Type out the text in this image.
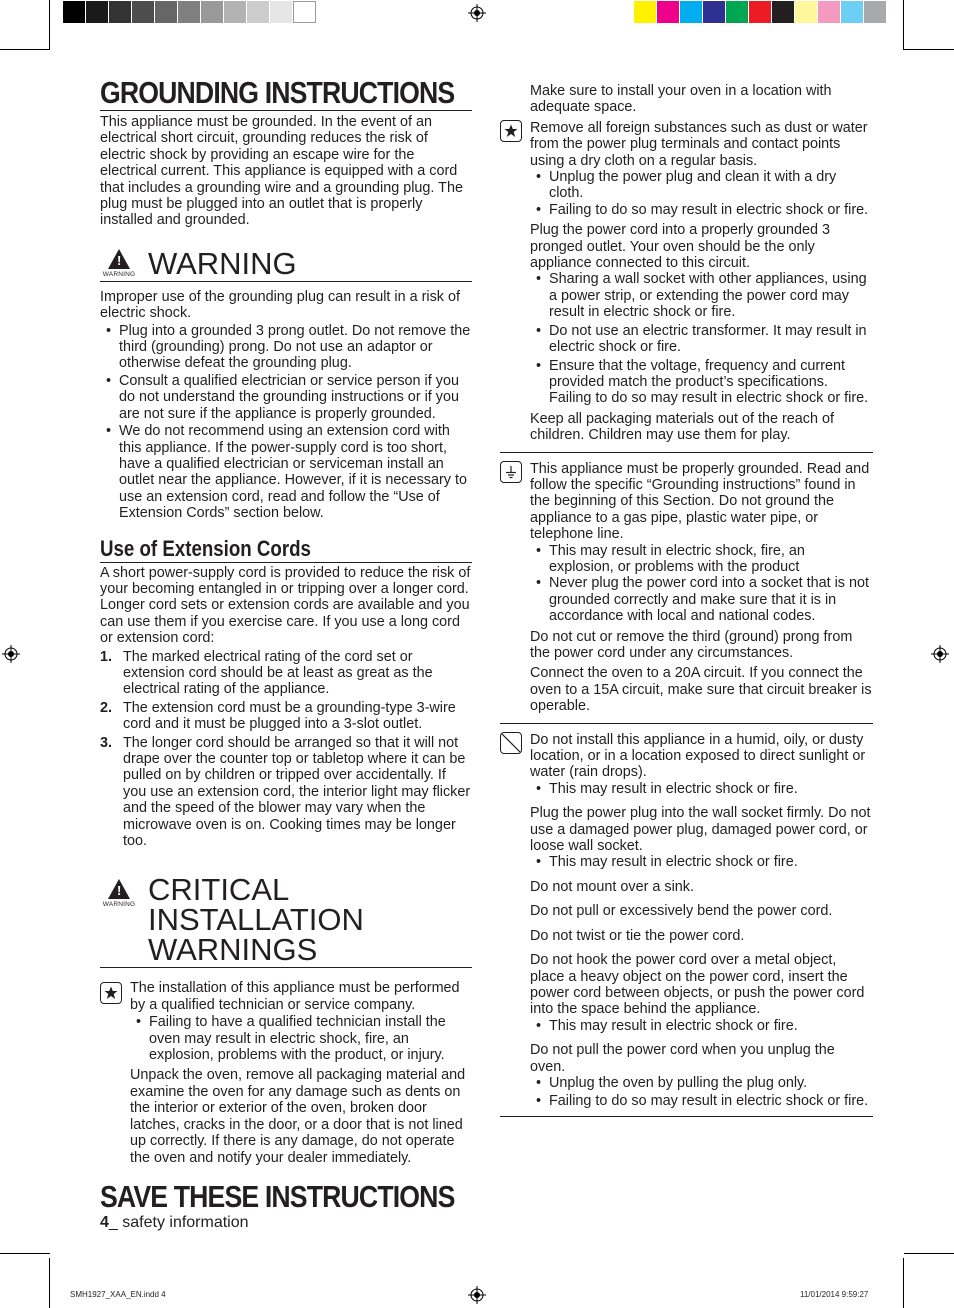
GROUNDING INSTRUCTIONS

This appliance must be grounded. In the event of an electrical short circuit, grounding reduces the risk of electric shock by providing an escape wire for the electrical current. This appliance is equipped with a cord that includes a grounding wire and a grounding plug. The plug must be plugged into an outlet that is properly installed and grounded.

!
WARNING WARNING

Improper use of the grounding plug can result in a risk of electric shock.

• Plug into a grounded 3 prong outlet. Do not remove the third (grounding) prong. Do not use an adaptor or otherwise defeat the grounding plug.
• Consult a qualified electrician or service person if you do not understand the grounding instructions or if you are not sure if the appliance is properly grounded.
• We do not recommend using an extension cord with this appliance. If the power-supply cord is too short, have a qualified electrician or serviceman install an outlet near the appliance. However, if it is necessary to use an extension cord, read and follow the “Use of Extension Cords” section below.
Use of Extension Cords

A short power-supply cord is provided to reduce the risk of your becoming entangled in or tripping over a longer cord. Longer cord sets or extension cords are available and you can use them if you exercise care. If you use a long cord or extension cord:

1. The marked electrical rating of the cord set or extension cord should be at least as great as the electrical rating of the appliance.
2. The extension cord must be a grounding-type 3-wire cord and it must be plugged into a 3-slot outlet.
3. The longer cord should be arranged so that it will not drape over the counter top or tabletop where it can be pulled on by children or tripped over accidentally. If you use an extension cord, the interior light may flicker and the speed of the blower may vary when the microwave oven is on. Cooking times may be longer too.
!
WARNING CRITICAL
INSTALLATION
WARNINGS

The installation of this appliance must be performed by a qualified technician or service company.

• Failing to have a qualified technician install the oven may result in electric shock, fire, an explosion, problems with the product, or injury.

Unpack the oven, remove all packaging material and examine the oven for any damage such as dents on the interior or exterior of the oven, broken door latches, cracks in the door, or a door that is not lined up correctly. If there is any damage, do not operate the oven and notify your dealer immediately.

SAVE THESE INSTRUCTIONS
4_ safety information

Make sure to install your oven in a location with adequate space.

Remove all foreign substances such as dust or water from the power plug terminals and contact points using a dry cloth on a regular basis.

• Unplug the power plug and clean it with a dry cloth.
• Failing to do so may result in electric shock or fire.

Plug the power cord into a properly grounded 3 pronged outlet. Your oven should be the only appliance connected to this circuit.

• Sharing a wall socket with other appliances, using a power strip, or extending the power cord may result in electric shock or fire.
• Do not use an electric transformer. It may result in electric shock or fire.
• Ensure that the voltage, frequency and current provided match the product’s specifications. Failing to do so may result in electric shock or fire.

Keep all packaging materials out of the reach of children. Children may use them for play.

This appliance must be properly grounded. Read and follow the specific “Grounding instructions” found in the beginning of this Section. Do not ground the appliance to a gas pipe, plastic water pipe, or telephone line.

• This may result in electric shock, fire, an explosion, or problems with the product
• Never plug the power cord into a socket that is not grounded correctly and make sure that it is in accordance with local and national codes.

Do not cut or remove the third (ground) prong from the power cord under any circumstances.

Connect the oven to a 20A circuit. If you connect the oven to a 15A circuit, make sure that circuit breaker is operable.

Do not install this appliance in a humid, oily, or dusty location, or in a location exposed to direct sunlight or water (rain drops).

• This may result in electric shock or fire.

Plug the power plug into the wall socket firmly. Do not use a damaged power plug, damaged power cord, or loose wall socket.

• This may result in electric shock or fire.

Do not mount over a sink.

Do not pull or excessively bend the power cord.

Do not twist or tie the power cord.

Do not hook the power cord over a metal object, place a heavy object on the power cord, insert the power cord between objects, or push the power cord into the space behind the appliance.

• This may result in electric shock or fire.

Do not pull the power cord when you unplug the oven.

• Unplug the oven by pulling the plug only.
• Failing to do so may result in electric shock or fire.
SMH1927_XAA_EN.indd 4	11/01/2014 9:59:27
